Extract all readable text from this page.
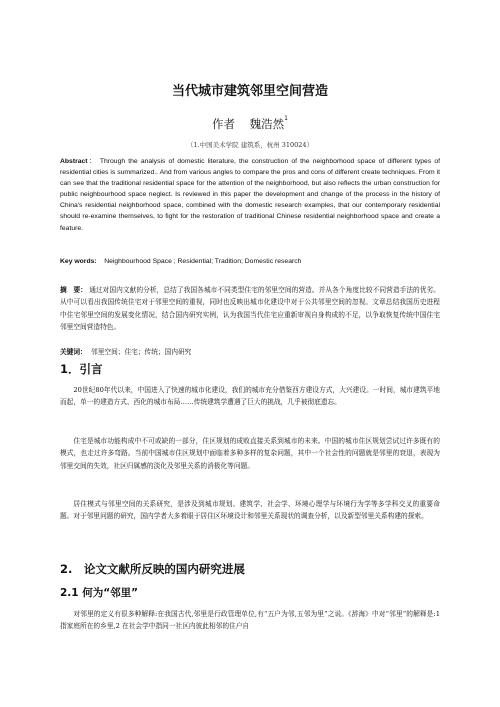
当代城市建筑邻里空间营造
作者 魏浩然$^1$
（1.中国美术学院 建筑系，杭州 310024）
Abstract： Through the analysis of domestic literature, the construction of the neighborhood space of different types of residential cities is summarized.. And from various angles to compare the pros and cons of different create techniques. From it can see that the traditional residential space for the attention of the neighborhood, but also reflects the urban construction for public neighbourhood space neglect. Is reviewed in this paper the development and change of the process in the history of China's residential neighborhood space, combined with the domestic research examples, that our contemporary residential should re-examine themselves, to fight for the restoration of traditional Chinese residential neighborhood space and create a feature.
Key words: Neighbourhood Space ; Residential; Tradition; Domestic research
摘　要： 通过对国内文献的分析，总结了我国各城市不同类型住宅的邻里空间的营造。并从各个角度比较不同营造手法的优劣。从中可以看出我国传统住宅对于邻里空间的重视，同时也反映出城市化建设中对于公共邻里空间的忽视。文章总结我国历史进程中住宅邻里空间的发展变化情况，结合国内研究实例，认为我国当代住宅应重新审视自身构成的不足，以争取恢复传统中国住宅邻里空间营造特色。
关键词： 邻里空间；住宅；传统；国内研究
1．引言
20世纪80年代以来，中国进入了快速的城市化建设，我们的城市充分借鉴西方建设方式，大兴建设。一时间，城市建筑平地而起，单一的建造方式、西化的城市布局……传统建筑学遭遇了巨大的挑战，几乎被彻底遗忘。
住宅是城市功能构成中不可或缺的一部分，住区规划的成败直接关系到城市的未来。中国的城市住区规划尝试过许多既有的模式，也走过许多弯路。当前中国城市住区规划中面临着多种多样的复杂问题，其中一个社会性的问题就是邻里的衰退，表现为邻里交间的失效，社区归属感的淡化及邻里关系的消极化等问题。
居住模式与邻里空间的关系研究，是涉及到城市规划、建筑学、社会学、环境心理学与环境行为学等多学科交叉的重要命题。对于邻里问题的研究，国内学者大多着眼于居住区环境设计和邻里关系现状的调查分析，以及新型邻里关系构建的探索。
2.　论文文献所反映的国内研究进展
2.1 何为“邻里”
对邻里的定义有很多种解释:在我国古代,邻里是行政管理单位,有“五户为邻,五邻为里”之说。《辞海》中对“邻里”的解释是:1 指家庭所在的乡里,2 在社会学中指同一社区内彼此相邻的住户自
